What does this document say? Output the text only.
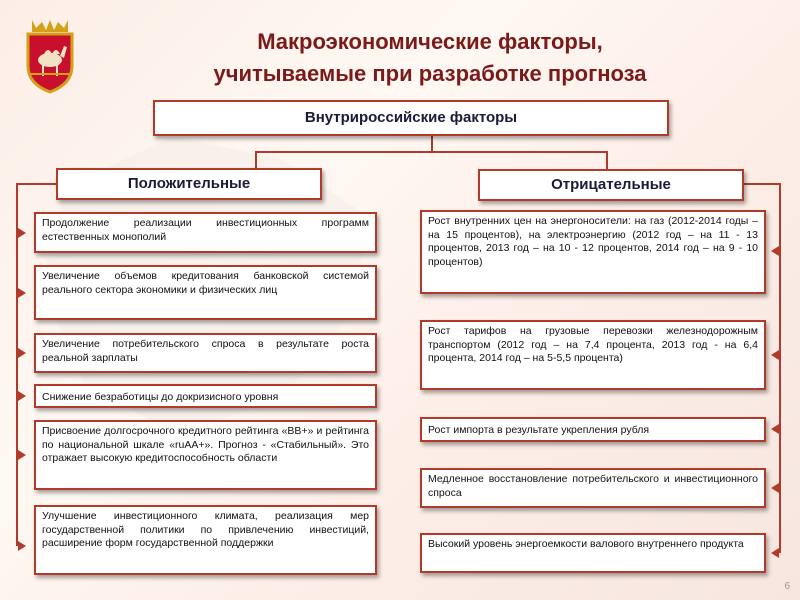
Макроэкономические факторы,
учитываемые при разработке прогноза
Внутрироссийские факторы
Положительные	Отрицательные
Продолжение реализации инвестиционных программ естественных монополий
Увеличение объемов кредитования банковской системой реального сектора экономики и физических лиц
Увеличение потребительского спроса в результате роста реальной зарплаты
Снижение безработицы до докризисного уровня
Присвоение долгосрочного кредитного рейтинга «BB+» и рейтинга по национальной шкале «ruAA+». Прогноз - «Стабильный». Это отражает высокую кредитоспособность области
Улучшение инвестиционного климата, реализация мер государственной политики по привлечению инвестиций, расширение форм государственной поддержки
Рост внутренних цен на энергоносители: на газ (2012-2014 годы – на 15 процентов), на электроэнергию (2012 год – на 11 - 13 процентов, 2013 год – на 10 - 12 процентов, 2014 год – на 9 - 10 процентов)
Рост тарифов на грузовые перевозки железнодорожным транспортом (2012 год – на 7,4 процента, 2013 год - на 6,4 процента, 2014 год – на 5-5,5 процента)
Рост импорта в результате укрепления рубля
Медленное восстановление потребительского и инвестиционного спроса
Высокий уровень энергоемкости валового внутреннего продукта
6
